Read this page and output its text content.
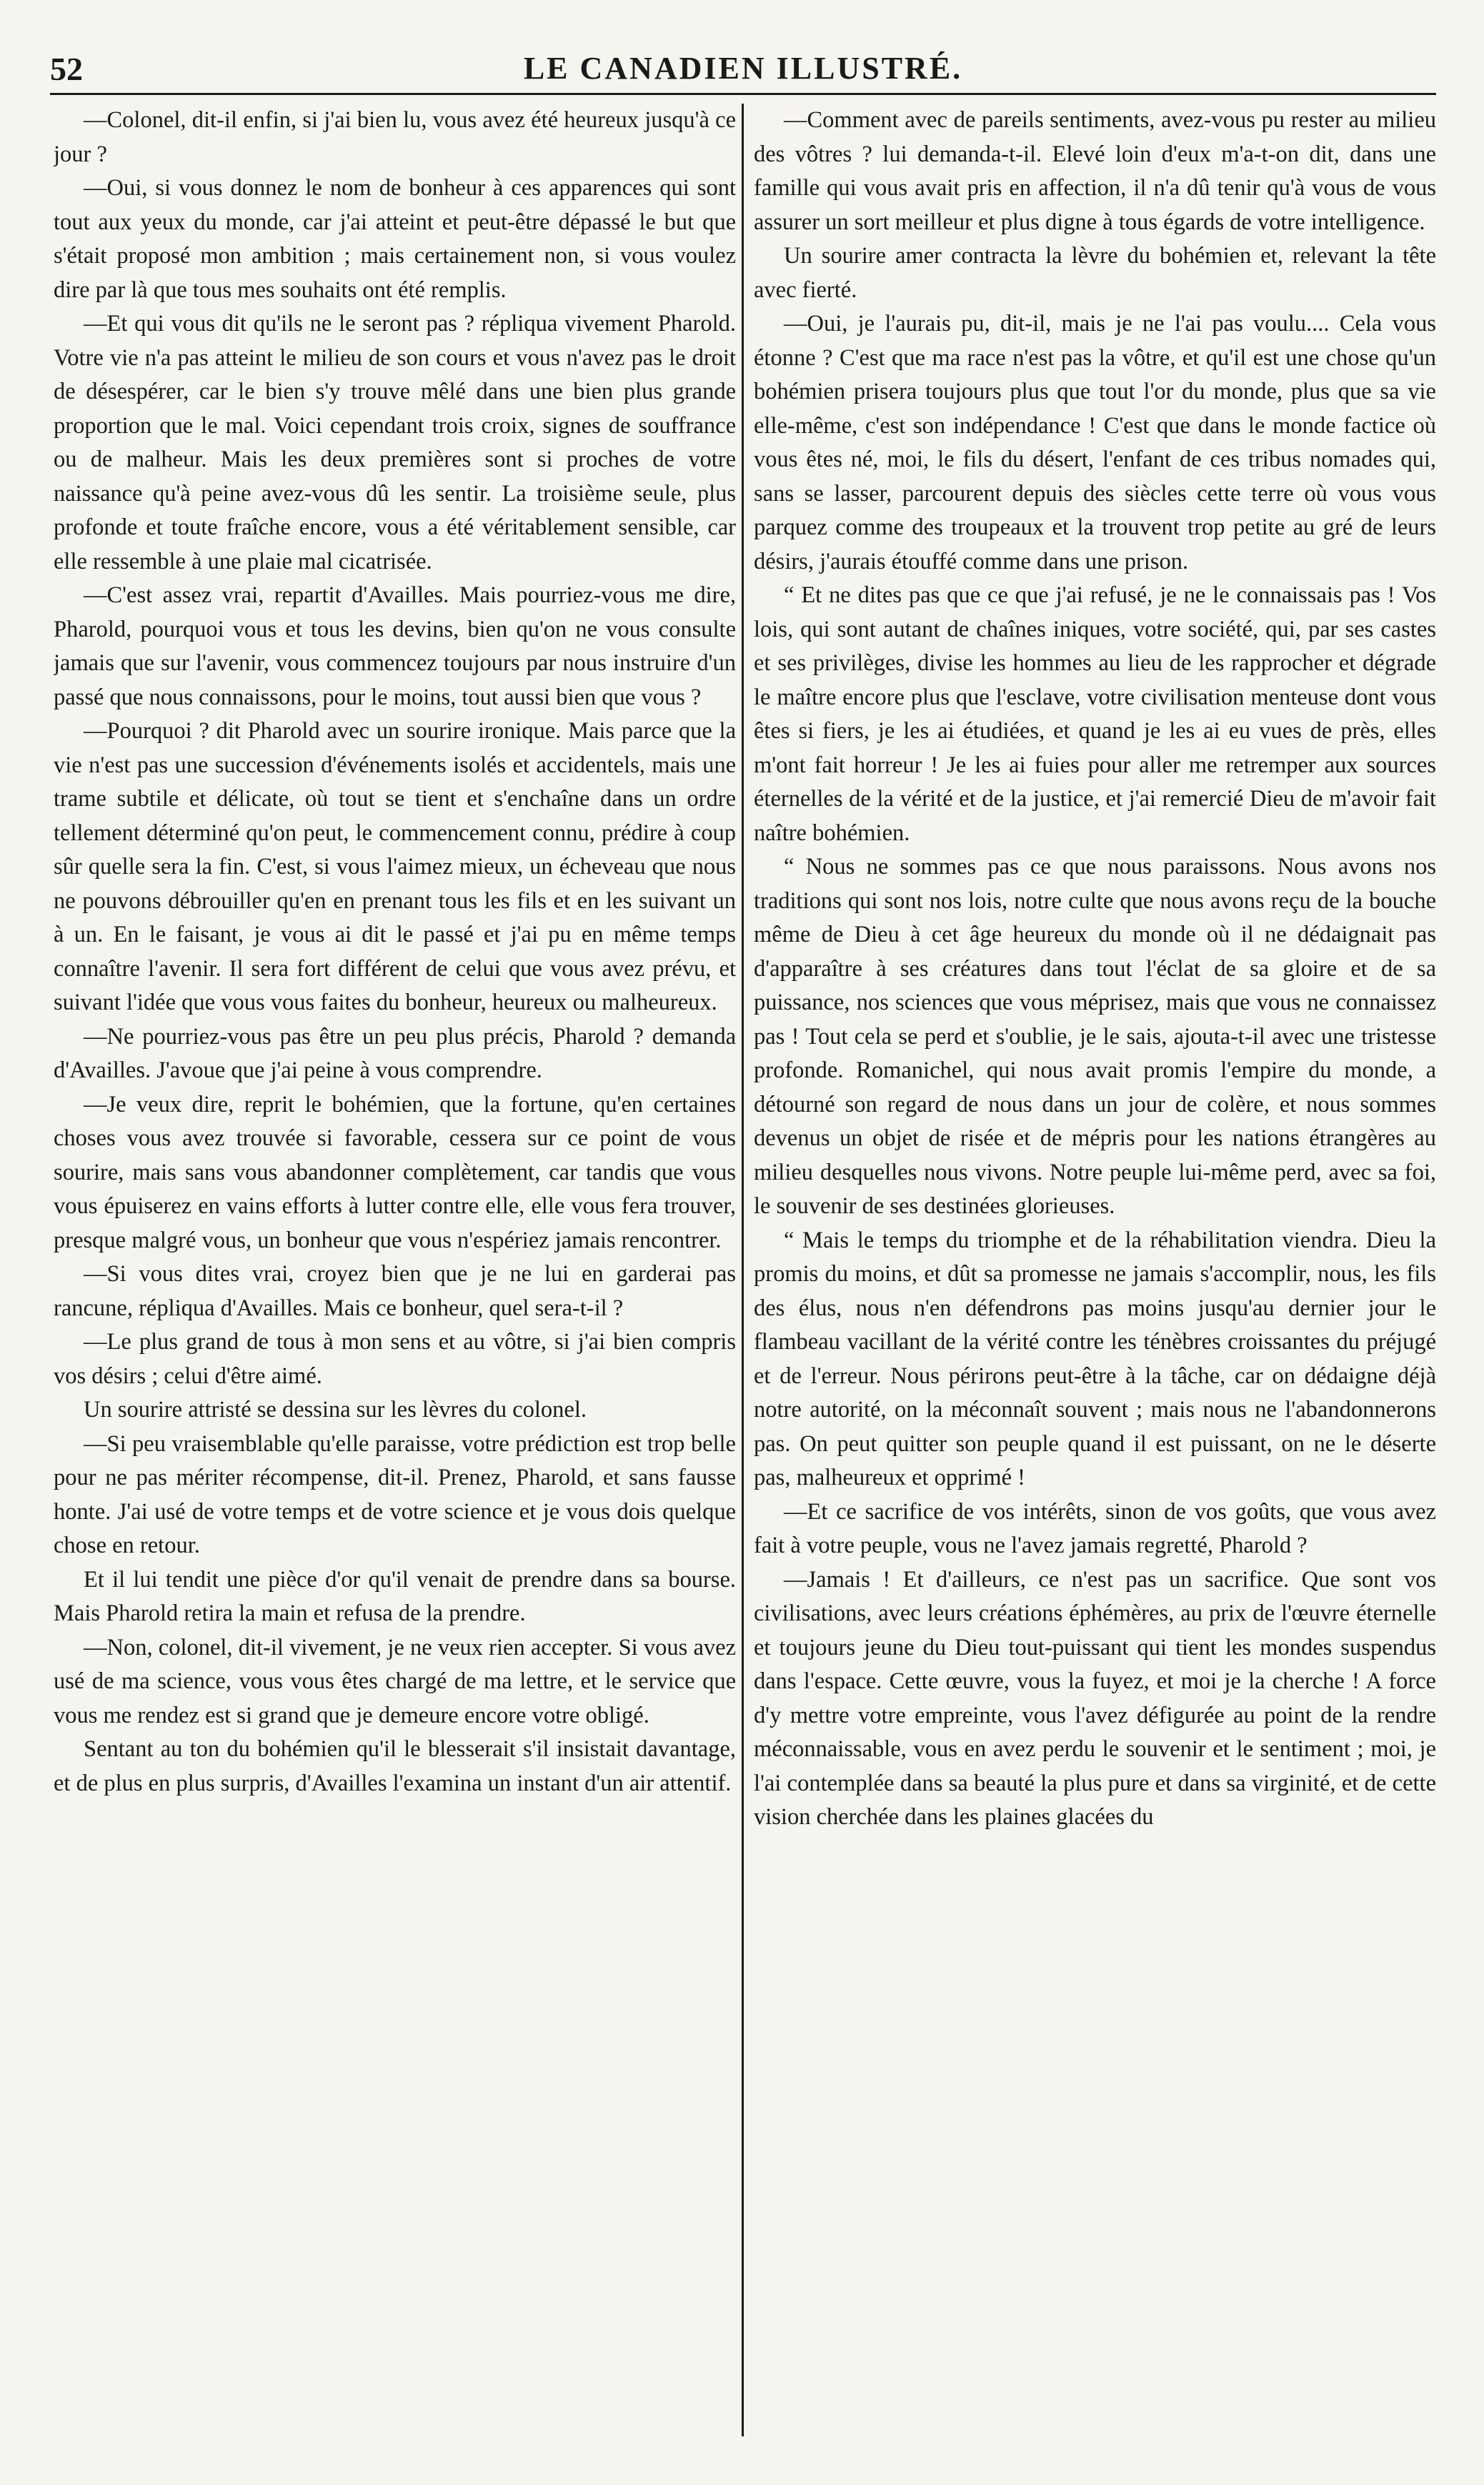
52	LE CANADIEN ILLUSTRÉ.

—Colonel, dit-il enfin, si j'ai bien lu, vous avez été heureux jusqu'à ce jour ?

—Oui, si vous donnez le nom de bonheur à ces apparences qui sont tout aux yeux du monde, car j'ai atteint et peut-être dépassé le but que s'était proposé mon ambition ; mais certainement non, si vous voulez dire par là que tous mes souhaits ont été remplis.

—Et qui vous dit qu'ils ne le seront pas ? répliqua vivement Pharold. Votre vie n'a pas atteint le milieu de son cours et vous n'avez pas le droit de désespérer, car le bien s'y trouve mêlé dans une bien plus grande proportion que le mal. Voici cependant trois croix, signes de souffrance ou de malheur. Mais les deux premières sont si proches de votre naissance qu'à peine avez-vous dû les sentir. La troisième seule, plus profonde et toute fraîche encore, vous a été véritablement sensible, car elle ressemble à une plaie mal cicatrisée.

—C'est assez vrai, repartit d'Availles. Mais pourriez-vous me dire, Pharold, pourquoi vous et tous les devins, bien qu'on ne vous consulte jamais que sur l'avenir, vous commencez toujours par nous instruire d'un passé que nous connaissons, pour le moins, tout aussi bien que vous ?

—Pourquoi ? dit Pharold avec un sourire ironique. Mais parce que la vie n'est pas une succession d'événements isolés et accidentels, mais une trame subtile et délicate, où tout se tient et s'enchaîne dans un ordre tellement déterminé qu'on peut, le commencement connu, prédire à coup sûr quelle sera la fin. C'est, si vous l'aimez mieux, un écheveau que nous ne pouvons débrouiller qu'en en prenant tous les fils et en les suivant un à un. En le faisant, je vous ai dit le passé et j'ai pu en même temps connaître l'avenir. Il sera fort différent de celui que vous avez prévu, et suivant l'idée que vous vous faites du bonheur, heureux ou malheureux.

—Ne pourriez-vous pas être un peu plus précis, Pharold ? demanda d'Availles. J'avoue que j'ai peine à vous comprendre.

—Je veux dire, reprit le bohémien, que la fortune, qu'en certaines choses vous avez trouvée si favorable, cessera sur ce point de vous sourire, mais sans vous abandonner complètement, car tandis que vous vous épuiserez en vains efforts à lutter contre elle, elle vous fera trouver, presque malgré vous, un bonheur que vous n'espériez jamais rencontrer.

—Si vous dites vrai, croyez bien que je ne lui en garderai pas rancune, répliqua d'Availles. Mais ce bonheur, quel sera-t-il ?

—Le plus grand de tous à mon sens et au vôtre, si j'ai bien compris vos désirs ; celui d'être aimé.

Un sourire attristé se dessina sur les lèvres du colonel.

—Si peu vraisemblable qu'elle paraisse, votre prédiction est trop belle pour ne pas mériter récompense, dit-il. Prenez, Pharold, et sans fausse honte. J'ai usé de votre temps et de votre science et je vous dois quelque chose en retour.

Et il lui tendit une pièce d'or qu'il venait de prendre dans sa bourse. Mais Pharold retira la main et refusa de la prendre.

—Non, colonel, dit-il vivement, je ne veux rien accepter. Si vous avez usé de ma science, vous vous êtes chargé de ma lettre, et le service que vous me rendez est si grand que je demeure encore votre obligé.

Sentant au ton du bohémien qu'il le blesserait s'il insistait davantage, et de plus en plus surpris, d'Availles l'examina un instant d'un air attentif.

—Comment avec de pareils sentiments, avez-vous pu rester au milieu des vôtres ? lui demanda-t-il. Elevé loin d'eux m'a-t-on dit, dans une famille qui vous avait pris en affection, il n'a dû tenir qu'à vous de vous assurer un sort meilleur et plus digne à tous égards de votre intelligence.

Un sourire amer contracta la lèvre du bohémien et, relevant la tête avec fierté.

—Oui, je l'aurais pu, dit-il, mais je ne l'ai pas voulu.... Cela vous étonne ? C'est que ma race n'est pas la vôtre, et qu'il est une chose qu'un bohémien prisera toujours plus que tout l'or du monde, plus que sa vie elle-même, c'est son indépendance ! C'est que dans le monde factice où vous êtes né, moi, le fils du désert, l'enfant de ces tribus nomades qui, sans se lasser, parcourent depuis des siècles cette terre où vous vous parquez comme des troupeaux et la trouvent trop petite au gré de leurs désirs, j'aurais étouffé comme dans une prison.

“ Et ne dites pas que ce que j'ai refusé, je ne le connaissais pas ! Vos lois, qui sont autant de chaînes iniques, votre société, qui, par ses castes et ses privilèges, divise les hommes au lieu de les rapprocher et dégrade le maître encore plus que l'esclave, votre civilisation menteuse dont vous êtes si fiers, je les ai étudiées, et quand je les ai eu vues de près, elles m'ont fait horreur ! Je les ai fuies pour aller me retremper aux sources éternelles de la vérité et de la justice, et j'ai remercié Dieu de m'avoir fait naître bohémien.

“ Nous ne sommes pas ce que nous paraissons. Nous avons nos traditions qui sont nos lois, notre culte que nous avons reçu de la bouche même de Dieu à cet âge heureux du monde où il ne dédaignait pas d'apparaître à ses créatures dans tout l'éclat de sa gloire et de sa puissance, nos sciences que vous méprisez, mais que vous ne connaissez pas ! Tout cela se perd et s'oublie, je le sais, ajouta-t-il avec une tristesse profonde. Romanichel, qui nous avait promis l'empire du monde, a détourné son regard de nous dans un jour de colère, et nous sommes devenus un objet de risée et de mépris pour les nations étrangères au milieu desquelles nous vivons. Notre peuple lui-même perd, avec sa foi, le souvenir de ses destinées glorieuses.

“ Mais le temps du triomphe et de la réhabilitation viendra. Dieu la promis du moins, et dût sa promesse ne jamais s'accomplir, nous, les fils des élus, nous n'en défendrons pas moins jusqu'au dernier jour le flambeau vacillant de la vérité contre les ténèbres croissantes du préjugé et de l'erreur. Nous périrons peut-être à la tâche, car on dédaigne déjà notre autorité, on la méconnaît souvent ; mais nous ne l'abandonnerons pas. On peut quitter son peuple quand il est puissant, on ne le déserte pas, malheureux et opprimé !

—Et ce sacrifice de vos intérêts, sinon de vos goûts, que vous avez fait à votre peuple, vous ne l'avez jamais regretté, Pharold ?

—Jamais ! Et d'ailleurs, ce n'est pas un sacrifice. Que sont vos civilisations, avec leurs créations éphémères, au prix de l'œuvre éternelle et toujours jeune du Dieu tout-puissant qui tient les mondes suspendus dans l'espace. Cette œuvre, vous la fuyez, et moi je la cherche ! A force d'y mettre votre empreinte, vous l'avez défigurée au point de la rendre méconnaissable, vous en avez perdu le souvenir et le sentiment ; moi, je l'ai contemplée dans sa beauté la plus pure et dans sa virginité, et de cette vision cherchée dans les plaines glacées du
